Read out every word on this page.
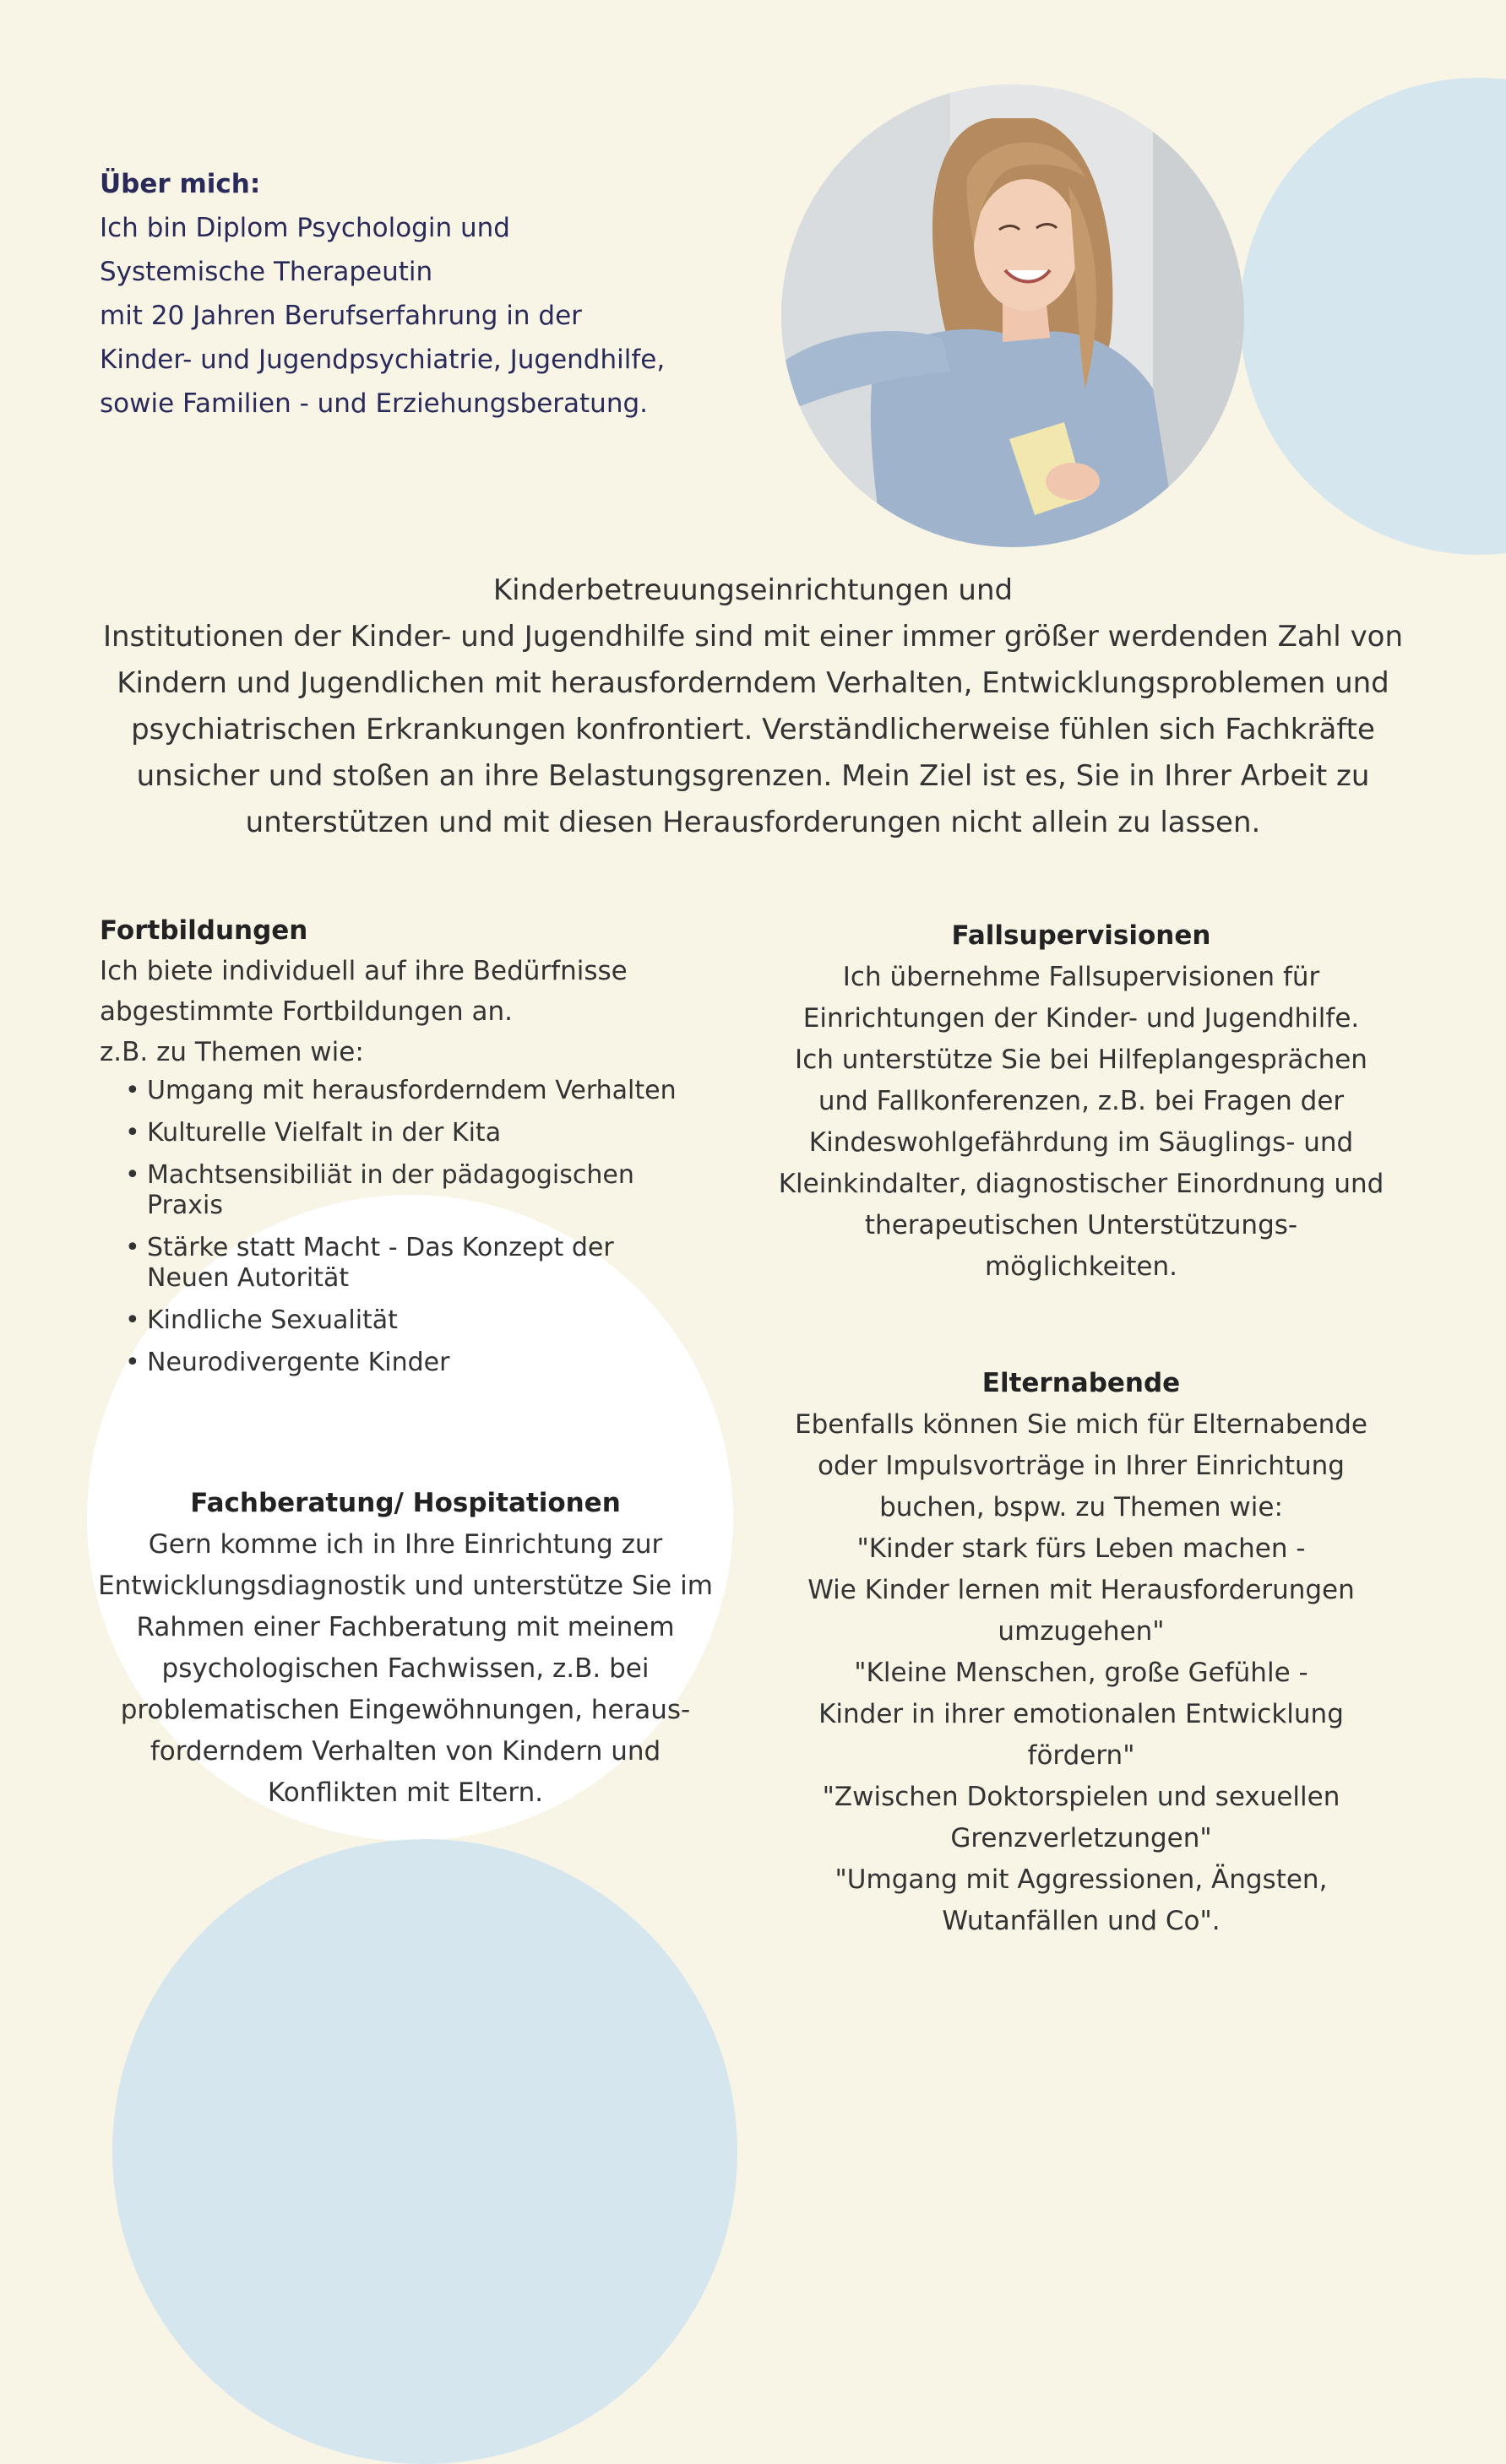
Über mich:

Ich bin Diplom Psychologin und

Systemische Therapeutin

mit 20 Jahren Berufserfahrung in der

Kinder- und Jugendpsychiatrie, Jugendhilfe,

sowie Familien - und Erziehungsberatung.

Kinderbetreuungseinrichtungen und

Institutionen der Kinder- und Jugendhilfe sind mit einer immer größer werdenden Zahl von

Kindern und Jugendlichen mit herausforderndem Verhalten, Entwicklungsproblemen und

psychiatrischen Erkrankungen konfrontiert. Verständlicherweise fühlen sich Fachkräfte

unsicher und stoßen an ihre Belastungsgrenzen. Mein Ziel ist es, Sie in Ihrer Arbeit zu

unterstützen und mit diesen Herausforderungen nicht allein zu lassen.

Fortbildungen

Ich biete individuell auf ihre Bedürfnisse

abgestimmte Fortbildungen an.

z.B. zu Themen wie:

• Umgang mit herausforderndem Verhalten
• Kulturelle Vielfalt in der Kita
• Machtsensibiliät in der pädagogischen Praxis
• Stärke statt Macht - Das Konzept der Neuen Autorität
• Kindliche Sexualität
• Neurodivergente Kinder

Fachberatung/ Hospitationen

Gern komme ich in Ihre Einrichtung zur

Entwicklungsdiagnostik und unterstütze Sie im

Rahmen einer Fachberatung mit meinem

psychologischen Fachwissen, z.B. bei

problematischen Eingewöhnungen, heraus-

forderndem Verhalten von Kindern und

Konflikten mit Eltern.

Fallsupervisionen

Ich übernehme Fallsupervisionen für

Einrichtungen der Kinder- und Jugendhilfe.

Ich unterstütze Sie bei Hilfeplangesprächen

und Fallkonferenzen, z.B. bei Fragen der

Kindeswohlgefährdung im Säuglings- und

Kleinkindalter, diagnostischer Einordnung und

therapeutischen Unterstützungs-

möglichkeiten.

Elternabende

Ebenfalls können Sie mich für Elternabende

oder Impulsvorträge in Ihrer Einrichtung

buchen, bspw. zu Themen wie:

"Kinder stark fürs Leben machen -

Wie Kinder lernen mit Herausforderungen

umzugehen"

"Kleine Menschen, große Gefühle -

Kinder in ihrer emotionalen Entwicklung

fördern"

"Zwischen Doktorspielen und sexuellen

Grenzverletzungen"

"Umgang mit Aggressionen, Ängsten,

Wutanfällen und Co".
